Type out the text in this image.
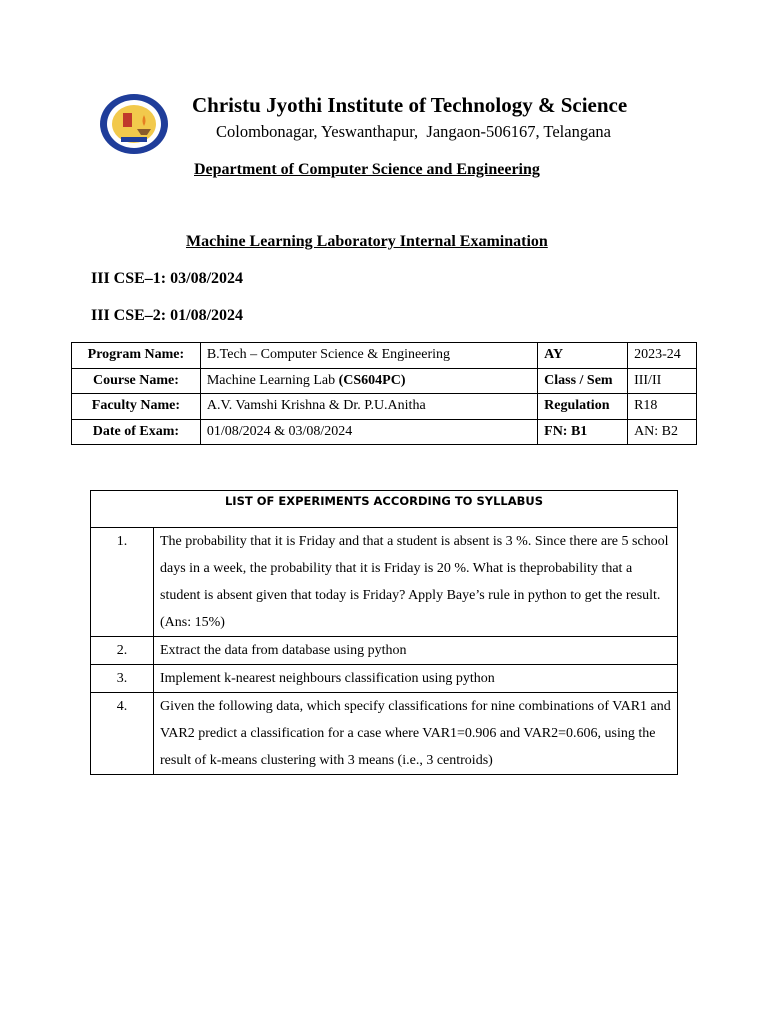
Christu Jyothi Institute of Technology & Science
Colombonagar, Yeswanthapur,  Jangaon-506167, Telangana
Department of Computer Science and Engineering
Machine Learning Laboratory Internal Examination
III CSE–1: 03/08/2024
III CSE–2: 01/08/2024
Program Name:	B.Tech – Computer Science & Engineering	AY	2023-24
Course Name:	Machine Learning Lab (CS604PC)	Class / Sem	III/II
Faculty Name:	A.V. Vamshi Krishna & Dr. P.U.Anitha	Regulation	R18
Date of Exam:	01/08/2024 & 03/08/2024	FN: B1	AN: B2
LIST OF EXPERIMENTS ACCORDING TO SYLLABUS	
1.	The probability that it is Friday and that a student is absent is 3 %. Since there are 5 school days in a week, the probability that it is Friday is 20 %. What is theprobability that a student is absent given that today is Friday? Apply Baye’s rule in python to get the result. (Ans: 15%)
2.	Extract the data from database using python
3.	Implement k-nearest neighbours classification using python
4.	Given the following data, which specify classifications for nine combinations of VAR1 and VAR2 predict a classification for a case where VAR1=0.906 and VAR2=0.606, using the result of k-means clustering with 3 means (i.e., 3 centroids)
